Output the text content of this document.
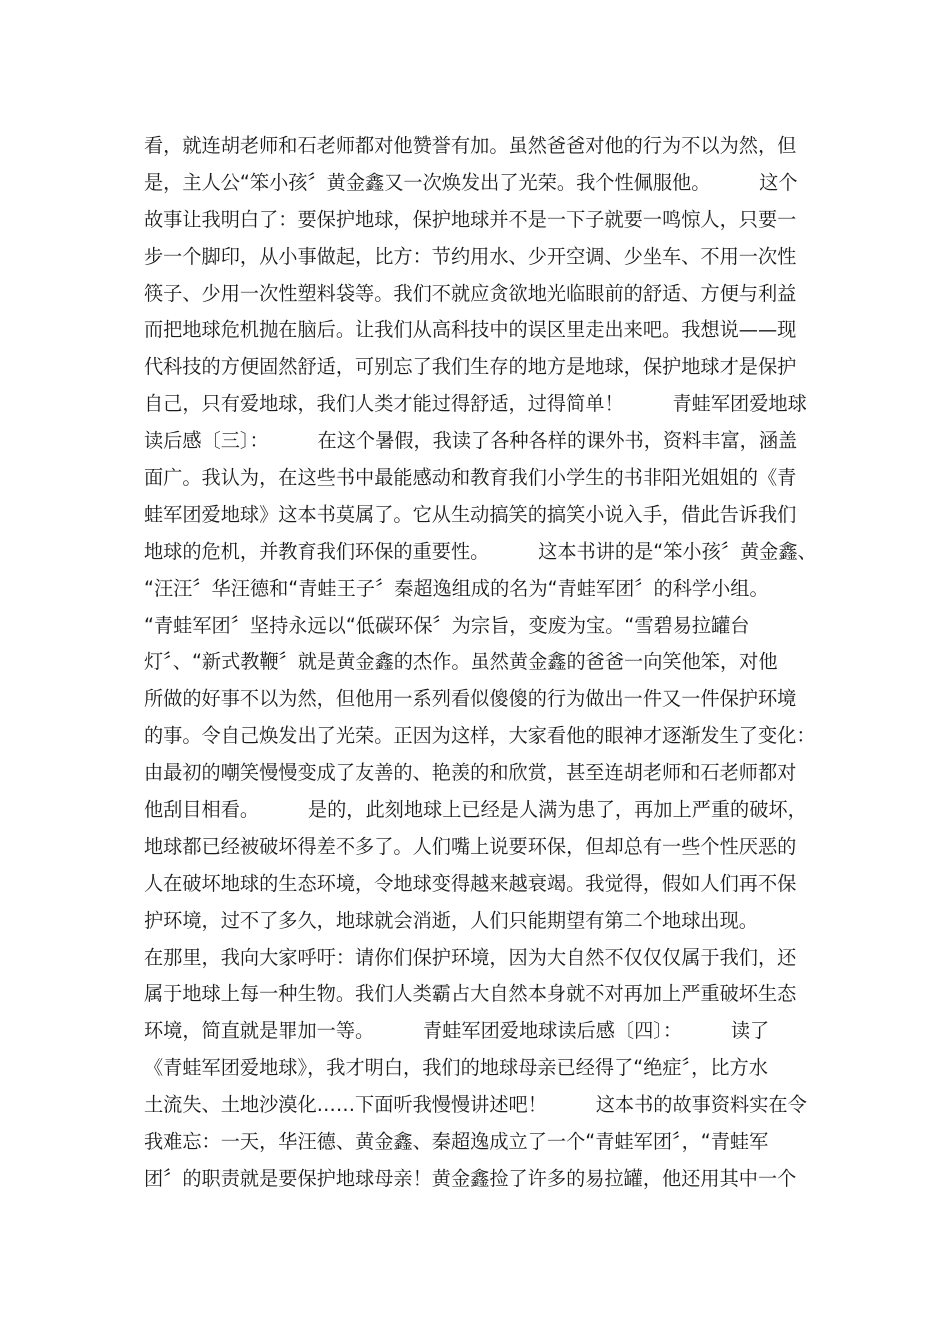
看，就连胡老师和石老师都对他赞誉有加。虽然爸爸对他的行为不以为然，但
是，主人公“笨小孩〞黄金鑫又一次焕发出了光荣。我个性佩服他。        这个
故事让我明白了：要保护地球，保护地球并不是一下子就要一鸣惊人，只要一
步一个脚印，从小事做起，比方：节约用水、少开空调、少坐车、不用一次性
筷子、少用一次性塑料袋等。我们不就应贪欲地光临眼前的舒适、方便与利益
而把地球危机抛在脑后。让我们从高科技中的误区里走出来吧。我想说——现
代科技的方便固然舒适，可别忘了我们生存的地方是地球，保护地球才是保护
自己，只有爱地球，我们人类才能过得舒适，过得简单！        青蛙军团爱地球
读后感〔三〕：        在这个暑假，我读了各种各样的课外书，资料丰富，涵盖
面广。我认为，在这些书中最能感动和教育我们小学生的书非阳光姐姐的《青
蛙军团爱地球》这本书莫属了。它从生动搞笑的搞笑小说入手，借此告诉我们
地球的危机，并教育我们环保的重要性。        这本书讲的是“笨小孩〞黄金鑫、
“汪汪〞华汪德和“青蛙王子〞秦超逸组成的名为“青蛙军团〞的科学小组。
“青蛙军团〞坚持永远以“低碳环保〞为宗旨，变废为宝。“雪碧易拉罐台
灯〞、“新式教鞭〞就是黄金鑫的杰作。虽然黄金鑫的爸爸一向笑他笨，对他
所做的好事不以为然，但他用一系列看似傻傻的行为做出一件又一件保护环境
的事。令自己焕发出了光荣。正因为这样，大家看他的眼神才逐渐发生了变化：
由最初的嘲笑慢慢变成了友善的、艳羡的和欣赏，甚至连胡老师和石老师都对
他刮目相看。        是的，此刻地球上已经是人满为患了，再加上严重的破坏，
地球都已经被破坏得差不多了。人们嘴上说要环保，但却总有一些个性厌恶的
人在破坏地球的生态环境，令地球变得越来越衰竭。我觉得，假如人们再不保
护环境，过不了多久，地球就会消逝，人们只能期望有第二个地球出现。
在那里，我向大家呼吁：请你们保护环境，因为大自然不仅仅仅属于我们，还
属于地球上每一种生物。我们人类霸占大自然本身就不对再加上严重破坏生态
环境，简直就是罪加一等。        青蛙军团爱地球读后感〔四〕：        读了
《青蛙军团爱地球》，我才明白，我们的地球母亲已经得了“绝症〞，比方水
土流失、土地沙漠化……下面听我慢慢讲述吧！        这本书的故事资料实在令
我难忘：一天，华汪德、黄金鑫、秦超逸成立了一个“青蛙军团〞，“青蛙军
团〞的职责就是要保护地球母亲！黄金鑫捡了许多的易拉罐，他还用其中一个
